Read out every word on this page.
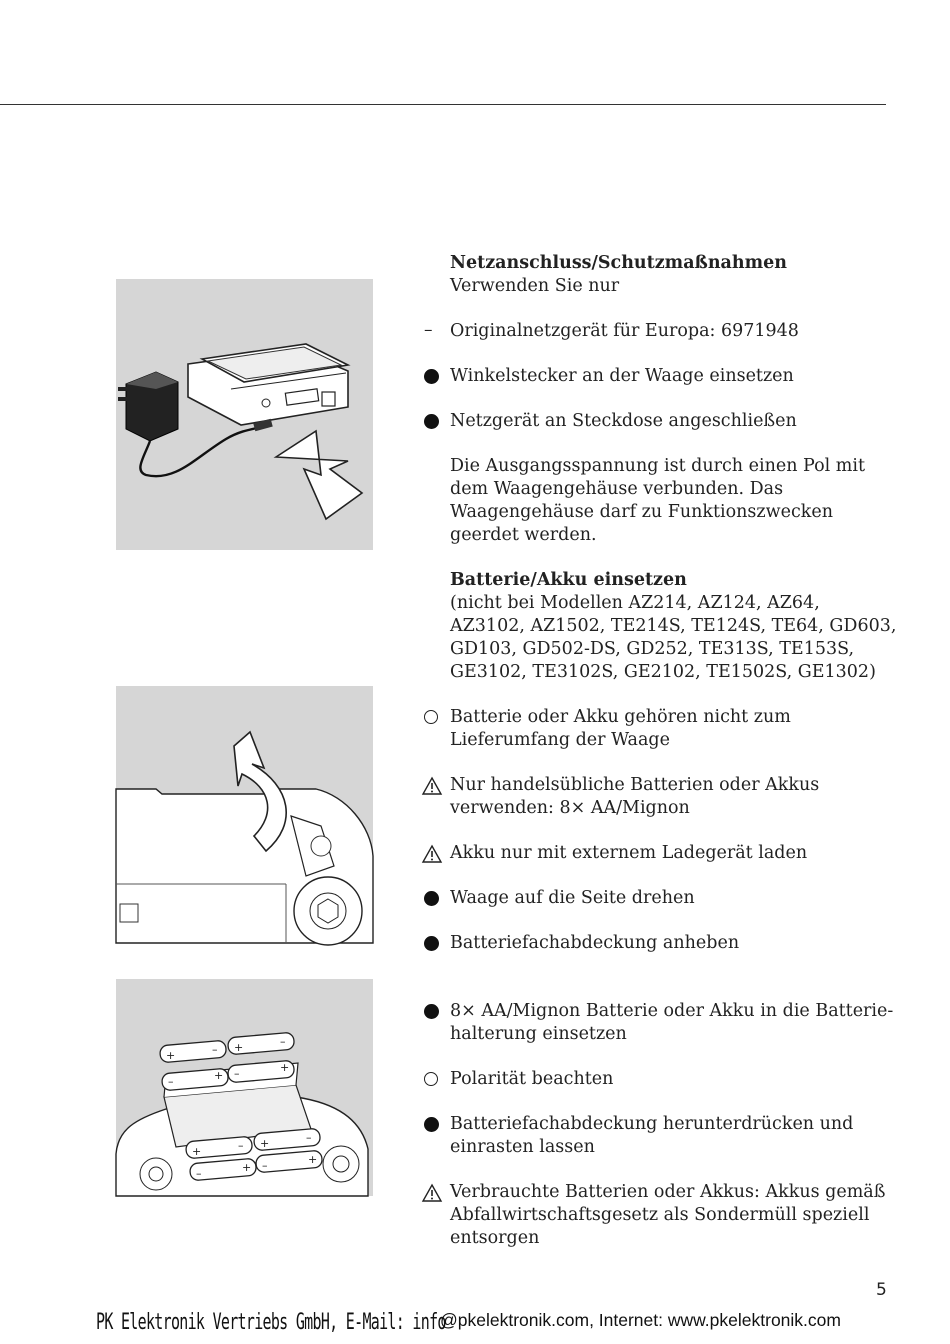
+	– +	–
–	+ –	+
+	– +	–
–	+ –	+
Netzanschluss/Schutzmaßnahmen
Verwenden Sie nur
–
Originalnetzgerät für Europa: 6971948
Winkelstecker an der Waage einsetzen
Netzgerät an Steckdose angeschließen
Die Ausgangsspannung ist durch einen Pol mit dem Waagengehäuse verbunden. Das Waagengehäuse darf zu Funktionszwecken geerdet werden.
Batterie/Akku einsetzen
(nicht bei Modellen AZ214, AZ124, AZ64, AZ3102, AZ1502, TE214S, TE124S, TE64, GD603, GD103, GD502-DS, GD252, TE313S, TE153S, GE3102, TE3102S, GE2102, TE1502S, GE1302)
Batterie oder Akku gehören nicht zum Lieferumfang der Waage
Nur handelsübliche Batterien oder Akkus verwenden: 8× AA/Mignon
Akku nur mit externem Ladegerät laden
Waage auf die Seite drehen
Batteriefachabdeckung anheben
8× AA/Mignon Batterie oder Akku in die Batterie-halterung einsetzen
Polarität beachten
Batteriefachabdeckung herunterdrücken und einrasten lassen
Verbrauchte Batterien oder Akkus: Akkus gemäß Abfallwirtschaftsgesetz als Sondermüll speziell entsorgen
5
PK Elektronik Vertriebs GmbH, E-Mail: info@pkelektronik.com, Internet: www.pkelektronik.com
